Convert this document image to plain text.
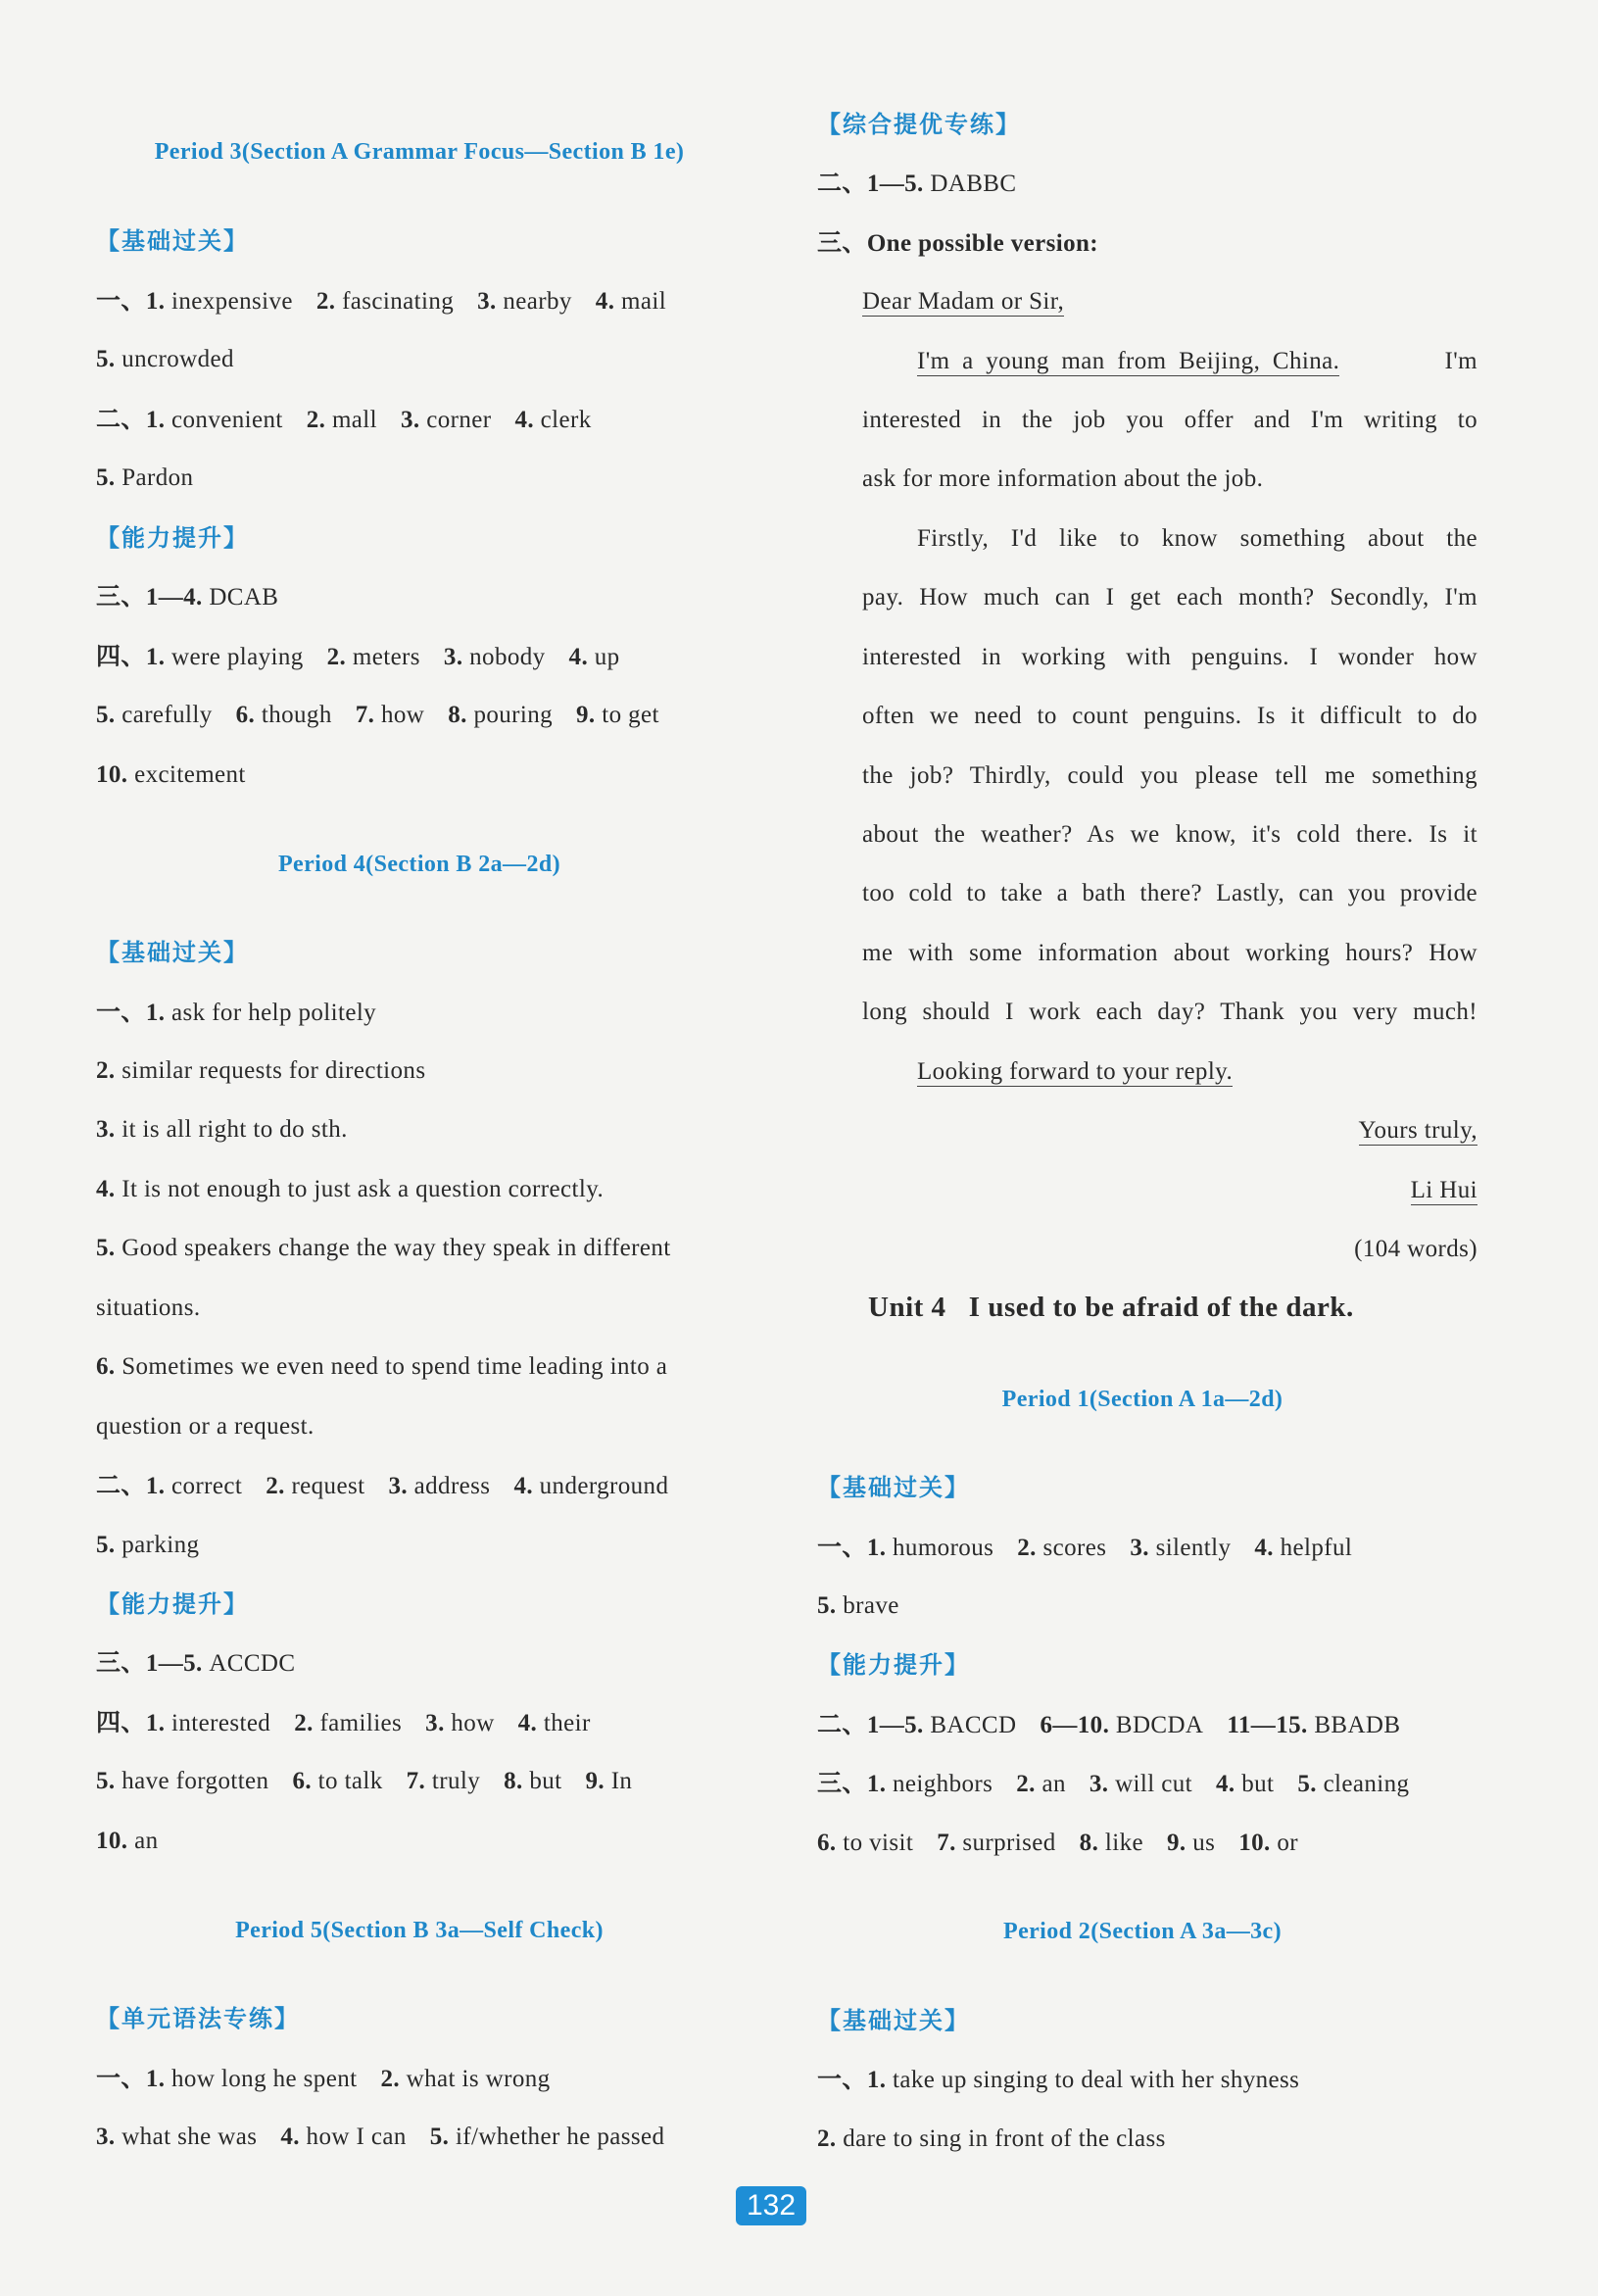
Period 3(Section A Grammar Focus—Section B 1e)
【基础过关】
一、1. inexpensive 2. fascinating 3. nearby 4. mail
5. uncrowded
二、1. convenient 2. mall 3. corner 4. clerk
5. Pardon
【能力提升】
三、1—4. DCAB
四、1. were playing 2. meters 3. nobody 4. up
5. carefully 6. though 7. how 8. pouring 9. to get
10. excitement
Period 4(Section B 2a—2d)
【基础过关】
一、1. ask for help politely
2. similar requests for directions
3. it is all right to do sth.
4. It is not enough to just ask a question correctly.
5. Good speakers change the way they speak in different
situations.
6. Sometimes we even need to spend time leading into a
question or a request.
二、1. correct 2. request 3. address 4. underground
5. parking
【能力提升】
三、1—5. ACCDC
四、1. interested 2. families 3. how 4. their
5. have forgotten 6. to talk 7. truly 8. but 9. In
10. an
Period 5(Section B 3a—Self Check)
【单元语法专练】
一、1. how long he spent 2. what is wrong
3. what she was 4. how I can 5. if/whether he passed
【综合提优专练】
二、1—5. DABBC
三、One possible version:
Dear Madam or Sir,
I'm a young man from Beijing, China.	I'm
interested in the job you offer and I'm writing to
ask for more information about the job.
Firstly, I'd like to know something about the
pay. How much can I get each month? Secondly, I'm
interested in working with penguins. I wonder how
often we need to count penguins. Is it difficult to do
the job? Thirdly, could you please tell me something
about the weather? As we know, it's cold there. Is it
too cold to take a bath there? Lastly, can you provide
me with some information about working hours? How
long should I work each day? Thank you very much!
Looking forward to your reply.
Yours truly,
Li Hui
(104 words)
Unit 4   I used to be afraid of the dark.
Period 1(Section A 1a—2d)
【基础过关】
一、1. humorous 2. scores 3. silently 4. helpful
5. brave
【能力提升】
二、1—5. BACCD 6—10. BDCDA 11—15. BBADB
三、1. neighbors 2. an 3. will cut 4. but 5. cleaning
6. to visit 7. surprised 8. like 9. us 10. or
Period 2(Section A 3a—3c)
【基础过关】
一、1. take up singing to deal with her shyness
2. dare to sing in front of the class
132
